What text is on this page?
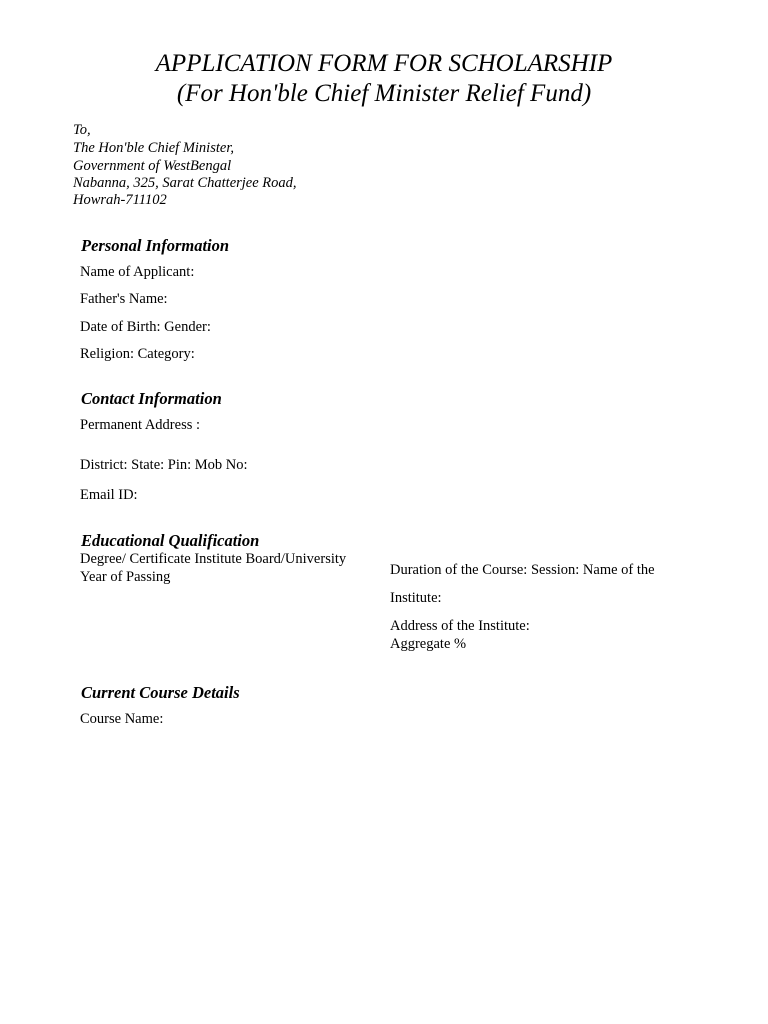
APPLICATION FORM FOR SCHOLARSHIP
(For Hon'ble Chief Minister Relief Fund)
To,
The Hon'ble Chief Minister,
Government of WestBengal
Nabanna, 325, Sarat Chatterjee Road,
Howrah-711102
Personal Information
Name of Applicant:
Father's Name:
Date of Birth: Gender:
Religion: Category:
Contact Information
Permanent Address :
District: State: Pin: Mob No:
Email ID:
Educational Qualification
Degree/ Certificate Institute Board/University
Year of Passing	Duration of the Course: Session: Name of the
Institute:
Address of the Institute:
Aggregate %
Current Course Details
Course Name:
